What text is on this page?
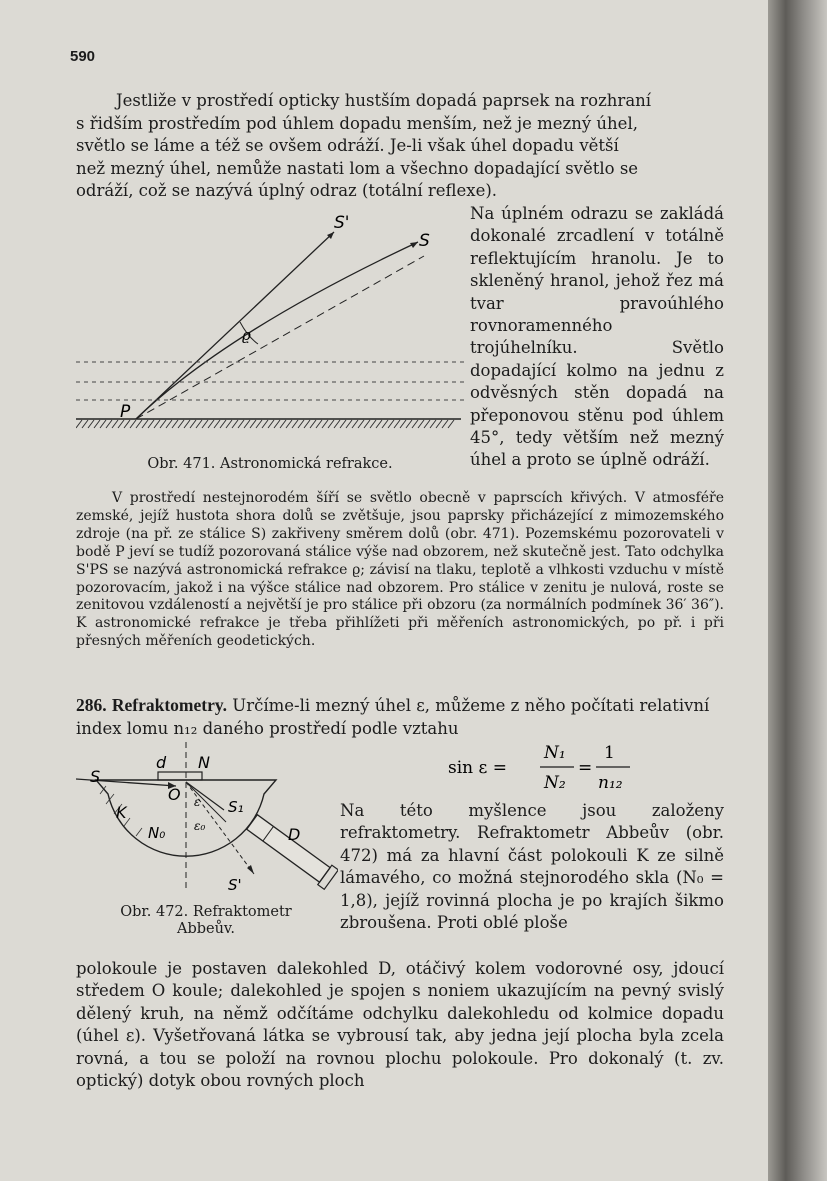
590
Jestliže v prostředí opticky hustším dopadá paprsek na rozhraní
s řidším prostředím pod úhlem dopadu menším, než je mezný úhel,
světlo se láme a též se ovšem odráží. Je-li však úhel dopadu větší
než mezný úhel, nemůže nastati lom a všechno dopadající světlo se
odráží, což se nazývá úplný odraz (totální reflexe).
Na úplném odrazu se zakládá dokonalé zrcadlení v totálně reflektujícím hranolu. Je to skleněný hranol, jehož řez má tvar pravoúhlého rovnoramenného trojúhelníku. Světlo dopadající kolmo na jednu z odvěsných stěn dopadá na přeponovou stěnu pod úhlem 45°, tedy větším než mezný úhel a proto se úplně odráží.
S'
S
P
ϱ
Obr. 471. Astronomická refrakce.

V prostředí nestejnorodém šíří se světlo obecně v paprscích křivých. V atmosféře zemské, jejíž hustota shora dolů se zvětšuje, jsou paprsky přicházející z mimozemského zdroje (na př. ze stálice S) zakřiveny směrem dolů (obr. 471). Pozemskému pozorovateli v bodě P jeví se tudíž pozorovaná stálice výše nad obzorem, než skutečně jest. Tato odchylka S'PS se nazývá astronomická refrakce ϱ; závisí na tlaku, teplotě a vlhkosti vzduchu v místě pozorovacím, jakož i na výšce stálice nad obzorem. Pro stálice v zenitu je nulová, roste se zenitovou vzdáleností a největší je pro stálice při obzoru (za normálních podmínek 36′ 36″). K astronomické refrakce je třeba přihlížeti při měřeních astronomických, po př. i při přesných měřeních geodetických.

286. Refraktometry. Určíme-li mezný úhel ε, můžeme z něho počítati relativní index lomu n₁₂ daného prostředí podle vztahu
sin ε =
N₁
N₂
=
1
n₁₂
S
d N
K
O ε
ε₀
S₁
N₀	D
S'
Obr. 472. Refraktometr Abbeův.
Na této myšlence jsou založeny refraktometry. Refraktometr Abbeův (obr. 472) má za hlavní část polokouli K ze silně lámavého, co možná stejnorodého skla (N₀ = 1,8), jejíž rovinná plocha je po krajích šikmo zbroušena. Proti oblé ploše
polokoule je postaven dalekohled D, otáčivý kolem vodorovné osy, jdoucí středem O koule; dalekohled je spojen s noniem ukazujícím na pevný svislý dělený kruh, na němž odčítáme odchylku dalekohledu od kolmice dopadu (úhel ε). Vyšetřovaná látka se vybrousí tak, aby jedna její plocha byla zcela rovná, a tou se položí na rovnou plochu polokoule. Pro dokonalý (t. zv. optický) dotyk obou rovných ploch
